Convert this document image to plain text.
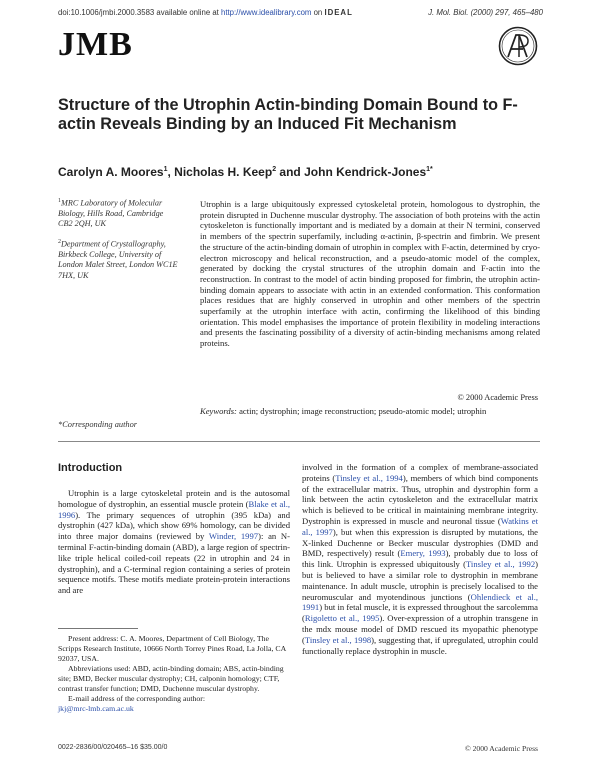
doi:10.1006/jmbi.2000.3583 available online at http://www.idealibrary.com on IDEAL	J. Mol. Biol. (2000) 297, 465–480
JMB
Structure of the Utrophin Actin-binding Domain Bound to F-actin Reveals Binding by an Induced Fit Mechanism
Carolyn A. Moores$^1$, Nicholas H. Keep$^2$ and John Kendrick-Jones$^{1*}$
$^1$MRC Laboratory of Molecular Biology, Hills Road, Cambridge CB2 2QH, UK
$^2$Department of Crystallography, Birkbeck College, University of London Malet Street, London WC1E 7HX, UK

Utrophin is a large ubiquitously expressed cytoskeletal protein, homologous to dystrophin, the protein disrupted in Duchenne muscular dystrophy. The association of both proteins with the actin cytoskeleton is functionally important and is mediated by a domain at their N termini, conserved in members of the spectrin superfamily, including α-actinin, β-spectrin and fimbrin. We present the structure of the actin-binding domain of utrophin in complex with F-actin, determined by cryo-electron microscopy and helical reconstruction, and a pseudo-atomic model of the complex, generated by docking the crystal structures of the utrophin domain and F-actin into the reconstruction. In contrast to the model of actin binding proposed for fimbrin, the utrophin actin-binding domain appears to associate with actin in an extended conformation. This conformation places residues that are highly conserved in utrophin and other members of the spectrin superfamily at the utrophin interface with actin, confirming the likelihood of this binding orientation. This model emphasises the importance of protein flexibility in modeling interactions and presents the fascinating possibility of a diversity of actin-binding mechanisms among related proteins.

© 2000 Academic Press
*Corresponding author
Keywords: actin; dystrophin; image reconstruction; pseudo-atomic model; utrophin
Introduction

Utrophin is a large cytoskeletal protein and is the autosomal homologue of dystrophin, an essential muscle protein (Blake et al., 1996). The primary sequences of utrophin (395 kDa) and dystrophin (427 kDa), which show 69% homology, can be divided into three major domains (reviewed by Winder, 1997): an N-terminal F-actin-binding domain (ABD), a large region of spectrin-like triple helical coiled-coil repeats (22 in utrophin and 24 in dystrophin), and a C-terminal region containing a series of protein sequence motifs. These motifs mediate protein-protein interactions and are

involved in the formation of a complex of membrane-associated proteins (Tinsley et al., 1994), members of which bind components of the extracellular matrix. Thus, utrophin and dystrophin form a link between the actin cytoskeleton and the extracellular matrix which is believed to be critical in maintaining membrane integrity. Dystrophin is expressed in muscle and neuronal tissue (Watkins et al., 1997), but when this expression is disrupted by mutations, the X-linked Duchenne or Becker muscular dystrophies (DMD and BMD, respectively) result (Emery, 1993), probably due to loss of this link. Utrophin is expressed ubiquitously (Tinsley et al., 1992) but is believed to have a similar role to dystrophin in membrane maintenance. In adult muscle, utrophin is precisely localised to the neuromuscular and myotendinous junctions (Ohlendieck et al., 1991) but in fetal muscle, it is expressed throughout the sarcolemma (Rigoletto et al., 1995). Over-expression of a utrophin transgene in the mdx mouse model of DMD rescued its myopathic phenotype (Tinsley et al., 1998), suggesting that, if upregulated, utrophin could functionally replace dystrophin in muscle.

Present address: C. A. Moores, Department of Cell Biology, The Scripps Research Institute, 10666 North Torrey Pines Road, La Jolla, CA 92037, USA.

Abbreviations used: ABD, actin-binding domain; ABS, actin-binding site; BMD, Becker muscular dystrophy; CH, calponin homology; CTF, contrast transfer function; DMD, Duchenne muscular dystrophy.

E-mail address of the corresponding author:

jkj@mrc-lmb.cam.ac.uk

0022-2836/00/020465–16 $35.00/0	© 2000 Academic Press
